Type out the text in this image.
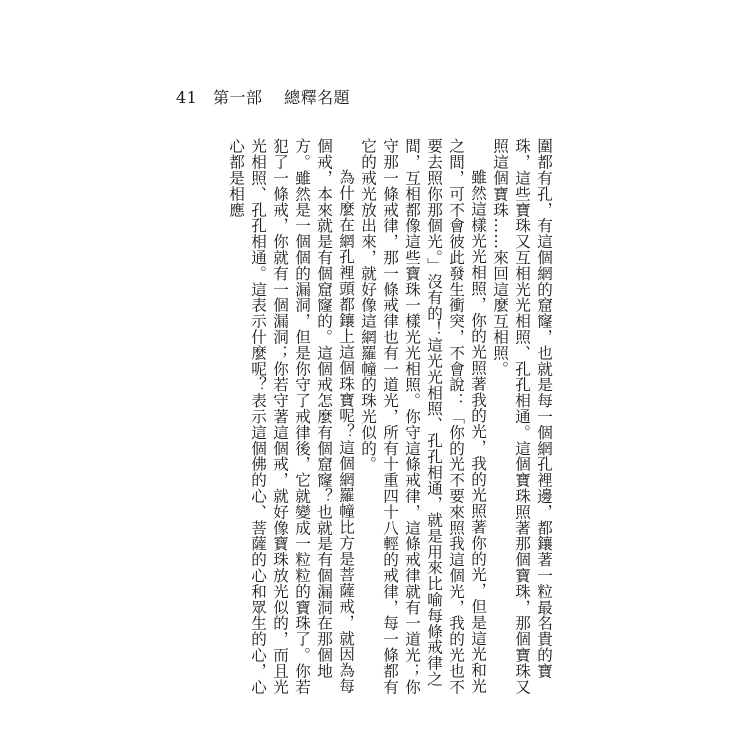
41 第一部 總釋名題

圍都有孔，有這個網的窟窿，也就是每一個網孔裡邊，都鑲著一粒最名貴的寶珠，這些寶珠又互相光光相照、孔孔相通。這個寶珠照著那個寶珠，那個寶珠又照這個寶珠……來回這麼互相照。

雖然這樣光光相照，你的光照著我的光，我的光照著你的光，但是這光和光之間，可不會彼此發生衝突，不會說：「你的光不要來照我這個光，我的光也不要去照你那個光。」沒有的！這光光相照、孔孔相通，就是用來比喻每條戒律之間，互相都像這些寶珠一樣光光相照。你守這條戒律，這條戒律就有一道光；你守那一條戒律，那一條戒律也有一道光，所有十重四十八輕的戒律，每一條都有它的戒光放出來，就好像這網羅幢的珠光似的。

為什麼在網孔裡頭都鑲上這個珠寶呢？這個網羅幢比方是菩薩戒，就因為每個戒，本來就是有個窟窿的。這個戒怎麼有個窟窿？也就是有個漏洞在那個地方。雖然是一個個的漏洞，但是你守了戒律後，它就變成一粒粒的寶珠了。你若犯了一條戒，你就有一個漏洞；你若守著這個戒，就好像寶珠放光似的，而且光光相照、孔孔相通。這表示什麼呢？表示這個佛的心、菩薩的心和眾生的心，心心都是相應
